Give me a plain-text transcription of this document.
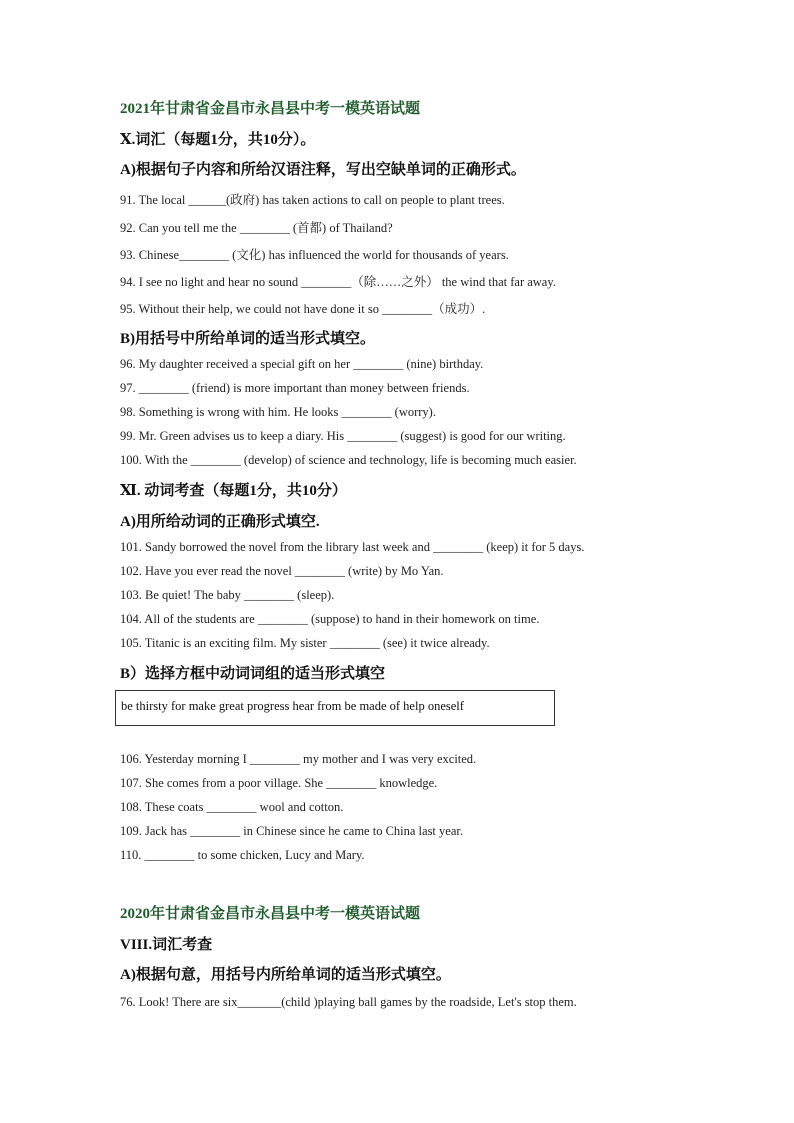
2021年甘肃省金昌市永昌县中考一模英语试题
Ⅹ.词汇（每题1分，共10分）。
A)根据句子内容和所给汉语注释，写出空缺单词的正确形式。
91. The local ______(政府) has taken actions to call on people to plant trees.
92. Can you tell me the ________ (首都) of Thailand?
93. Chinese________ (文化) has influenced the world for thousands of years.
94. I see no light and hear no sound ________（除……之外） the wind that far away.
95. Without their help, we could not have done it so ________（成功）.
B)用括号中所给单词的适当形式填空。
96. My daughter received a special gift on her ________ (nine) birthday.
97. ________ (friend) is more important than money between friends.
98. Something is wrong with him. He looks ________ (worry).
99. Mr. Green advises us to keep a diary. His ________ (suggest) is good for our writing.
100. With the ________ (develop) of science and technology, life is becoming much easier.
Ⅺ. 动词考查（每题1分，共10分）
A)用所给动词的正确形式填空.
101. Sandy borrowed the novel from the library last week and ________ (keep) it for 5 days.
102. Have you ever read the novel ________ (write) by Mo Yan.
103. Be quiet! The baby ________ (sleep).
104. All of the students are ________ (suppose) to hand in their homework on time.
105. Titanic is an exciting film. My sister ________ (see) it twice already.
B）选择方框中动词词组的适当形式填空
be thirsty for make great progress hear from be made of help oneself
106. Yesterday morning I ________ my mother and I was very excited.
107. She comes from a poor village. She ________ knowledge.
108. These coats ________ wool and cotton.
109. Jack has ________ in Chinese since he came to China last year.
110. ________ to some chicken, Lucy and Mary.
2020年甘肃省金昌市永昌县中考一模英语试题
VIII.词汇考查
A)根据句意，用括号内所给单词的适当形式填空。
76. Look! There are six_______(child )playing ball games by the roadside, Let's stop them.
